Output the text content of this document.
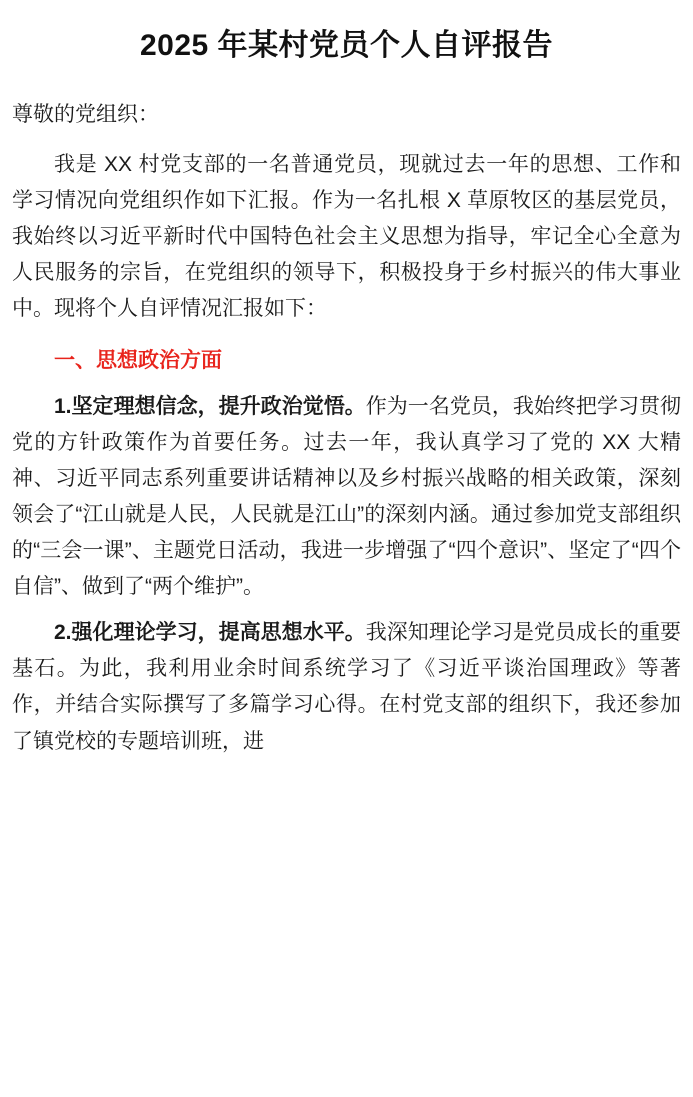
2025 年某村党员个人自评报告

尊敬的党组织：

我是 XX 村党支部的一名普通党员，现就过去一年的思想、工作和学习情况向党组织作如下汇报。作为一名扎根 X 草原牧区的基层党员，我始终以习近平新时代中国特色社会主义思想为指导，牢记全心全意为人民服务的宗旨，在党组织的领导下，积极投身于乡村振兴的伟大事业中。现将个人自评情况汇报如下：

一、思想政治方面

1.坚定理想信念，提升政治觉悟。作为一名党员，我始终把学习贯彻党的方针政策作为首要任务。过去一年，我认真学习了党的 XX 大精神、习近平同志系列重要讲话精神以及乡村振兴战略的相关政策，深刻领会了“江山就是人民，人民就是江山”的深刻内涵。通过参加党支部组织的“三会一课”、主题党日活动，我进一步增强了“四个意识”、坚定了“四个自信”、做到了“两个维护”。

2.强化理论学习，提高思想水平。我深知理论学习是党员成长的重要基石。为此，我利用业余时间系统学习了《习近平谈治国理政》等著作，并结合实际撰写了多篇学习心得。在村党支部的组织下，我还参加了镇党校的专题培训班，进
